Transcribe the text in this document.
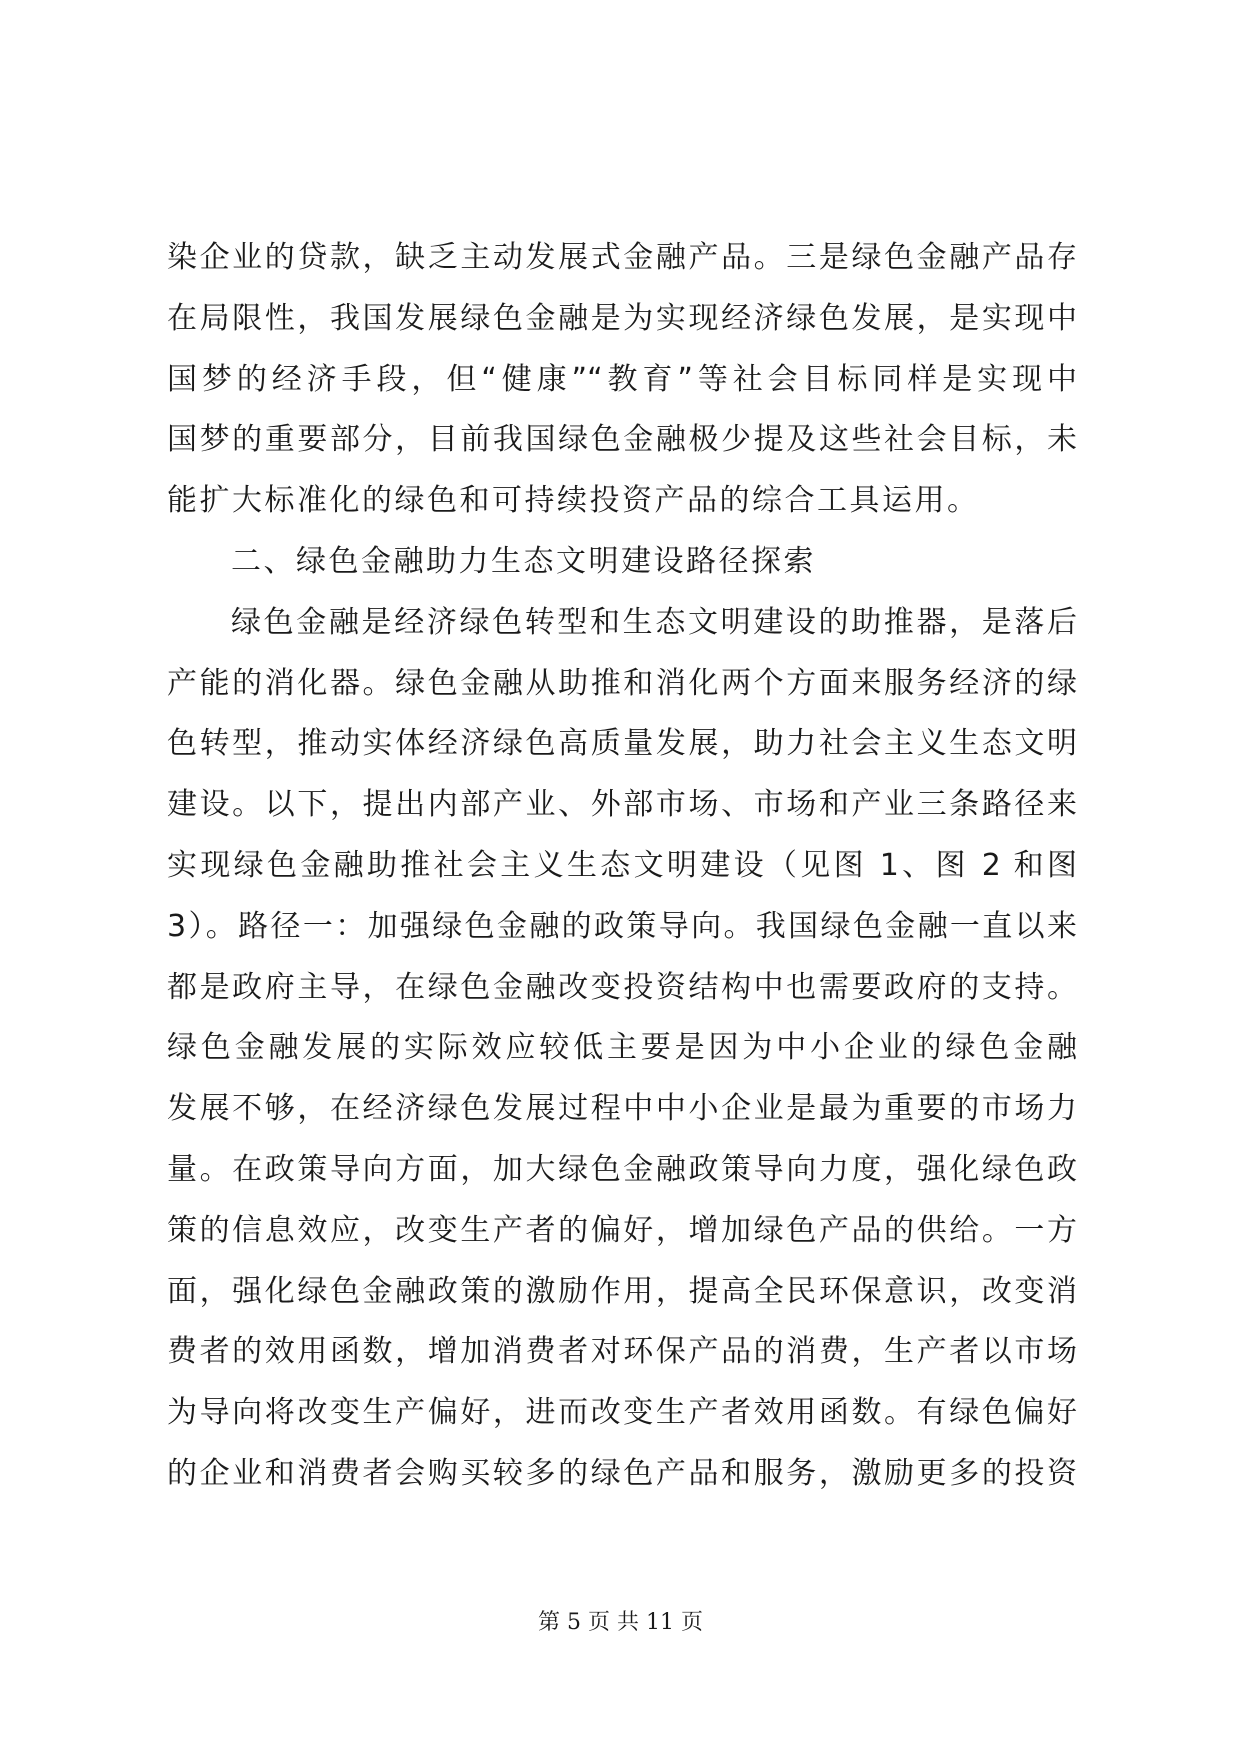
染企业的贷款，缺乏主动发展式金融产品。三是绿色金融产品存
在局限性，我国发展绿色金融是为实现经济绿色发展，是实现中
国梦的经济手段，但“健康”“教育”等社会目标同样是实现中
国梦的重要部分，目前我国绿色金融极少提及这些社会目标，未
能扩大标准化的绿色和可持续投资产品的综合工具运用。
二、绿色金融助力生态文明建设路径探索
绿色金融是经济绿色转型和生态文明建设的助推器，是落后
产能的消化器。绿色金融从助推和消化两个方面来服务经济的绿
色转型，推动实体经济绿色高质量发展，助力社会主义生态文明
建设。以下，提出内部产业、外部市场、市场和产业三条路径来
实现绿色金融助推社会主义生态文明建设（见图 1、图 2 和图
3）。路径一：加强绿色金融的政策导向。我国绿色金融一直以来
都是政府主导，在绿色金融改变投资结构中也需要政府的支持。
绿色金融发展的实际效应较低主要是因为中小企业的绿色金融
发展不够，在经济绿色发展过程中中小企业是最为重要的市场力
量。在政策导向方面，加大绿色金融政策导向力度，强化绿色政
策的信息效应，改变生产者的偏好，增加绿色产品的供给。一方
面，强化绿色金融政策的激励作用，提高全民环保意识，改变消
费者的效用函数，增加消费者对环保产品的消费，生产者以市场
为导向将改变生产偏好，进而改变生产者效用函数。有绿色偏好
的企业和消费者会购买较多的绿色产品和服务，激励更多的投资
第 5 页 共 11 页
